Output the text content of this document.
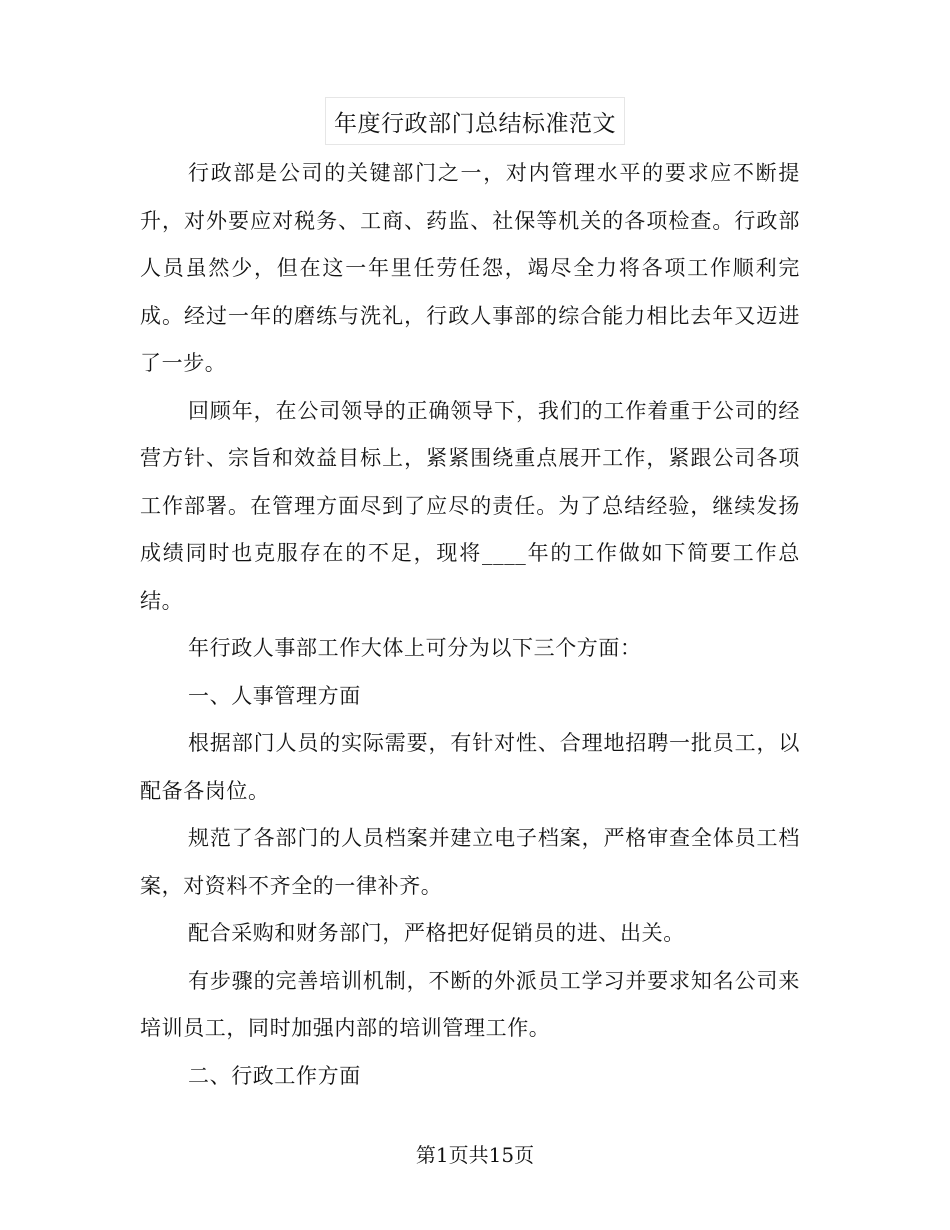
年度行政部门总结标准范文

行政部是公司的关键部门之一，对内管理水平的要求应不断提升，对外要应对税务、工商、药监、社保等机关的各项检查。行政部人员虽然少，但在这一年里任劳任怨，竭尽全力将各项工作顺利完成。经过一年的磨练与洗礼，行政人事部的综合能力相比去年又迈进了一步。

回顾年，在公司领导的正确领导下，我们的工作着重于公司的经营方针、宗旨和效益目标上，紧紧围绕重点展开工作，紧跟公司各项工作部署。在管理方面尽到了应尽的责任。为了总结经验，继续发扬成绩同时也克服存在的不足，现将____年的工作做如下简要工作总结。

年行政人事部工作大体上可分为以下三个方面：

一、人事管理方面

根据部门人员的实际需要，有针对性、合理地招聘一批员工，以配备各岗位。

规范了各部门的人员档案并建立电子档案，严格审查全体员工档案，对资料不齐全的一律补齐。

配合采购和财务部门，严格把好促销员的进、出关。

有步骤的完善培训机制，不断的外派员工学习并要求知名公司来培训员工，同时加强内部的培训管理工作。

二、行政工作方面

第1页共15页
